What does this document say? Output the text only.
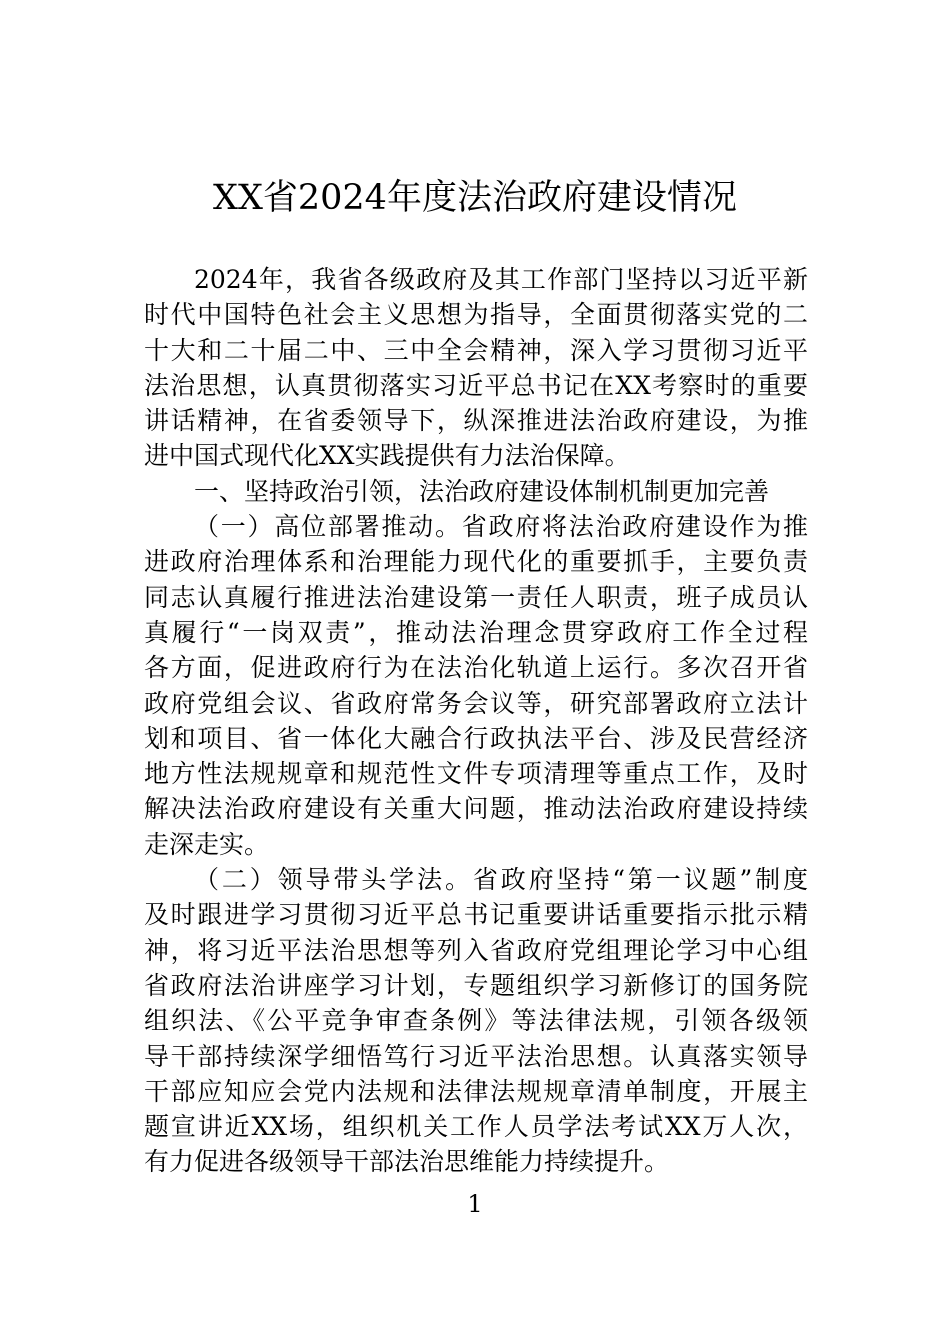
XX省2024年度法治政府建设情况
2024年，我省各级政府及其工作部门坚持以习近平新
时代中国特色社会主义思想为指导，全面贯彻落实党的二
十大和二十届二中、三中全会精神，深入学习贯彻习近平
法治思想，认真贯彻落实习近平总书记在XX考察时的重要
讲话精神，在省委领导下，纵深推进法治政府建设，为推
进中国式现代化XX实践提供有力法治保障。
一、坚持政治引领，法治政府建设体制机制更加完善
（一）高位部署推动。省政府将法治政府建设作为推
进政府治理体系和治理能力现代化的重要抓手，主要负责
同志认真履行推进法治建设第一责任人职责，班子成员认
真履行“一岗双责”，推动法治理念贯穿政府工作全过程
各方面，促进政府行为在法治化轨道上运行。多次召开省
政府党组会议、省政府常务会议等，研究部署政府立法计
划和项目、省一体化大融合行政执法平台、涉及民营经济
地方性法规规章和规范性文件专项清理等重点工作，及时
解决法治政府建设有关重大问题，推动法治政府建设持续
走深走实。
（二）领导带头学法。省政府坚持“第一议题”制度
及时跟进学习贯彻习近平总书记重要讲话重要指示批示精
神，将习近平法治思想等列入省政府党组理论学习中心组
省政府法治讲座学习计划，专题组织学习新修订的国务院
组织法、《公平竞争审查条例》等法律法规，引领各级领
导干部持续深学细悟笃行习近平法治思想。认真落实领导
干部应知应会党内法规和法律法规规章清单制度，开展主
题宣讲近XX场，组织机关工作人员学法考试XX万人次，
有力促进各级领导干部法治思维能力持续提升。
1
